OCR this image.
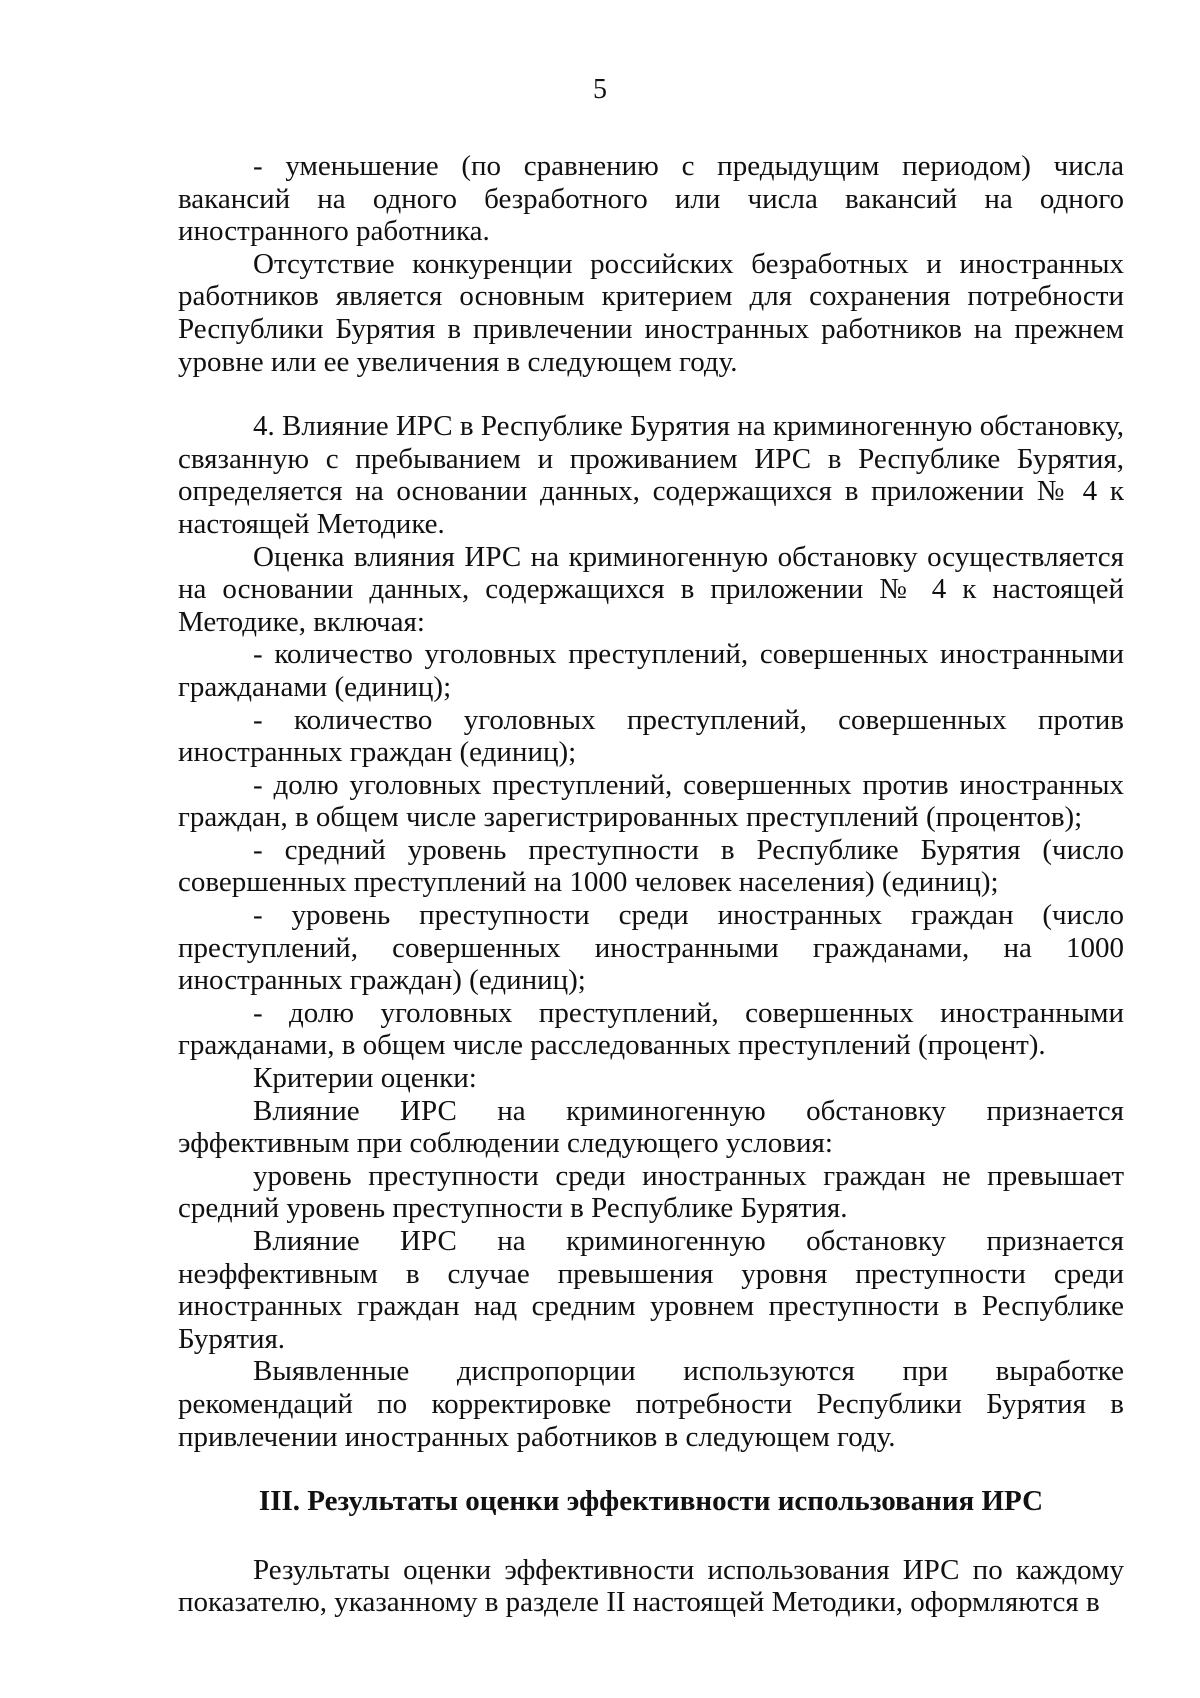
5

- уменьшение (по сравнению с предыдущим периодом) числа вакансий на одного безработного или числа вакансий на одного иностранного работника.

Отсутствие конкуренции российских безработных и иностранных работников является основным критерием для сохранения потребности Республики Бурятия в привлечении иностранных работников на прежнем уровне или ее увеличения в следующем году.

4. Влияние ИРС в Республике Бурятия на криминогенную обстановку, связанную с пребыванием и проживанием ИРС в Республике Бурятия, определяется на основании данных, содержащихся в приложении № 4 к настоящей Методике.

Оценка влияния ИРС на криминогенную обстановку осуществляется на основании данных, содержащихся в приложении № 4 к настоящей Методике, включая:

- количество уголовных преступлений, совершенных иностранными гражданами (единиц);

- количество уголовных преступлений, совершенных против иностранных граждан (единиц);

- долю уголовных преступлений, совершенных против иностранных граждан, в общем числе зарегистрированных преступлений (процентов);

- средний уровень преступности в Республике Бурятия (число совершенных преступлений на 1000 человек населения) (единиц);

- уровень преступности среди иностранных граждан (число преступлений, совершенных иностранными гражданами, на 1000 иностранных граждан) (единиц);

- долю уголовных преступлений, совершенных иностранными гражданами, в общем числе расследованных преступлений (процент).

Критерии оценки:

Влияние ИРС на криминогенную обстановку признается эффективным при соблюдении следующего условия:

уровень преступности среди иностранных граждан не превышает средний уровень преступности в Республике Бурятия.

Влияние ИРС на криминогенную обстановку признается неэффективным в случае превышения уровня преступности среди иностранных граждан над средним уровнем преступности в Республике Бурятия.

Выявленные диспропорции используются при выработке рекомендаций по корректировке потребности Республики Бурятия в привлечении иностранных работников в следующем году.

III. Результаты оценки эффективности использования ИРС

Результаты оценки эффективности использования ИРС по каждому показателю, указанному в разделе II настоящей Методики, оформляются в
